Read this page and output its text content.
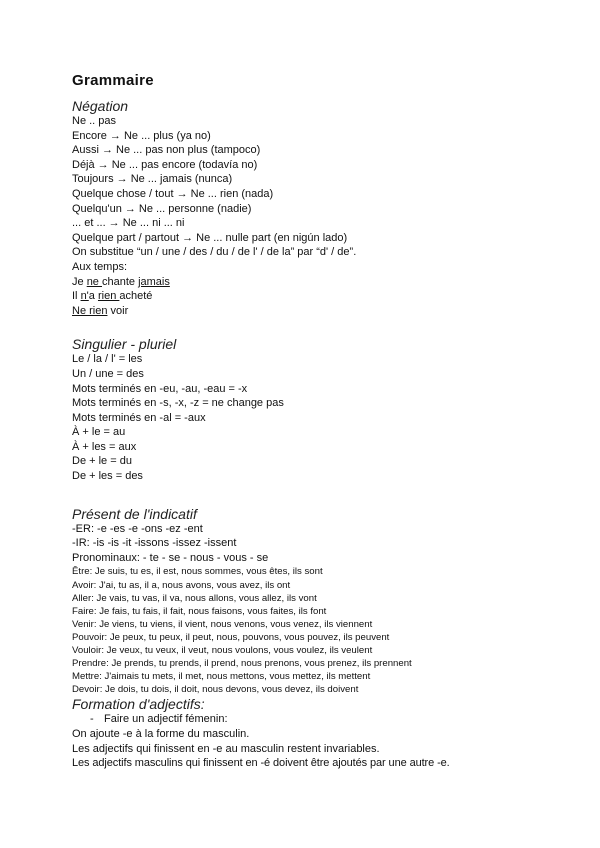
Grammaire
Négation
Ne .. pas
Encore → Ne ... plus (ya no)
Aussi → Ne ... pas non plus (tampoco)
Déjà → Ne ... pas encore (todavía no)
Toujours → Ne ... jamais (nunca)
Quelque chose / tout → Ne ... rien (nada)
Quelqu'un → Ne ... personne (nadie)
... et ... → Ne ... ni ... ni
Quelque part / partout → Ne ... nulle part (en nigún lado)
On substitue “un / une / des / du / de l' / de la” par “d' / de”.
Aux temps:
Je ne chante jamais
Il n'a rien acheté
Ne rien voir
Singulier - pluriel
Le / la / l' = les
Un / une = des
Mots terminés en -eu, -au, -eau = -x
Mots terminés en -s, -x, -z = ne change pas
Mots terminés en -al = -aux
À + le = au
À + les = aux
De + le = du
De + les = des
Présent de l'indicatif
-ER: -e -es -e -ons -ez -ent
-IR: -is -is -it -issons -issez -issent
Pronominaux: - te - se - nous - vous - se
Être: Je suis, tu es, il est, nous sommes, vous êtes, ils sont
Avoir: J'ai, tu as, il a, nous avons, vous avez, ils ont
Aller: Je vais, tu vas, il va, nous allons, vous allez, ils vont
Faire: Je fais, tu fais, il fait, nous faisons, vous faites, ils font
Venir: Je viens, tu viens, il vient, nous venons, vous venez, ils viennent
Pouvoir: Je peux, tu peux, il peut, nous, pouvons, vous pouvez, ils peuvent
Vouloir: Je veux, tu veux, il veut, nous voulons, vous voulez, ils veulent
Prendre: Je prends, tu prends, il prend, nous prenons, vous prenez, ils prennent
Mettre: J'aimais tu mets, il met, nous mettons, vous mettez, ils mettent
Devoir: Je dois, tu dois, il doit, nous devons, vous devez, ils doivent
Formation d'adjectifs:
- Faire un adjectif fémenin:
On ajoute -e à la forme du masculin.
Les adjectifs qui finissent en -e au masculin restent invariables.
Les adjectifs masculins qui finissent en -é doivent être ajoutés par une autre -e.
